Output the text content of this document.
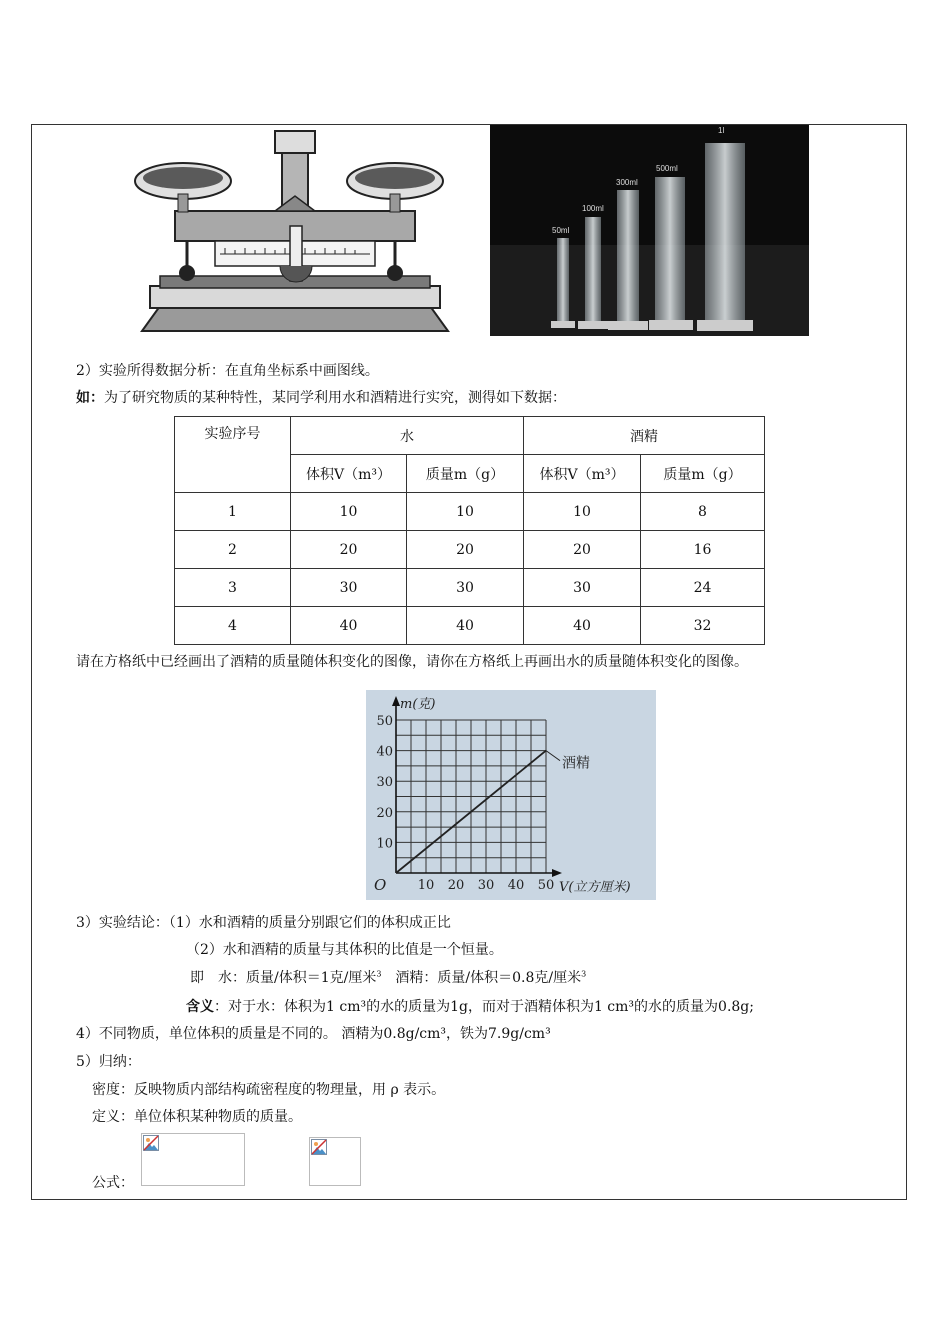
50ml
100ml
300ml
500ml
1l
2）实验所得数据分析：在直角坐标系中画图线。
如：为了研究物质的某种特性，某同学利用水和酒精进行实究，测得如下数据：
实验序号	水		酒精	
	体积V（m³）	质量m（g）	体积V（m³）	质量m（g）
1	10	10	10	8
2	20	20	20	16
3	30	30	30	24
4	40	40	40	32
请在方格纸中已经画出了酒精的质量随体积变化的图像，请你在方格纸上再画出水的质量随体积变化的图像。
10 20 30 40 50
10
20
30
40
50
酒精
O
m(克)
V(立方厘米)
3）实验结论：（1）水和酒精的质量分别跟它们的体积成正比
（2）水和酒精的质量与其体积的比值是一个恒量。
即　水：质量/体积＝1克/厘米$^3$　酒精：质量/体积＝0.8克/厘米$^3$
含义：对于水：体积为1 cm³的水的质量为1g，而对于酒精体积为1 cm³的水的质量为0.8g;
4）不同物质，单位体积的质量是不同的。 酒精为0.8g/cm³，铁为7.9g/cm³
5）归纳：
密度：反映物质内部结构疏密程度的物理量，用 ρ 表示。
定义：单位体积某种物质的质量。
公式：
